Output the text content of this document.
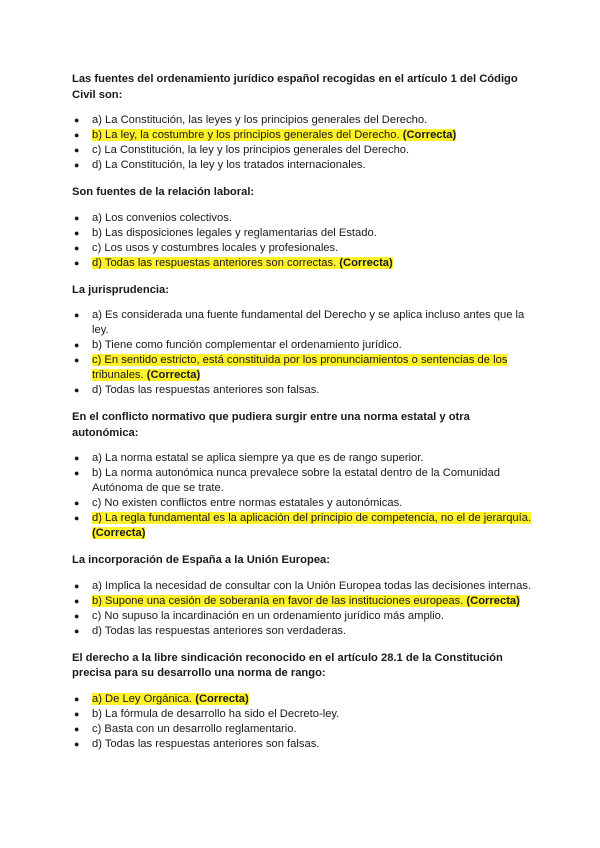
Las fuentes del ordenamiento jurídico español recogidas en el artículo 1 del Código Civil son:

● a) La Constitución, las leyes y los principios generales del Derecho.
● b) La ley, la costumbre y los principios generales del Derecho. (Correcta)
● c) La Constitución, la ley y los principios generales del Derecho.
● d) La Constitución, la ley y los tratados internacionales.

Son fuentes de la relación laboral:

● a) Los convenios colectivos.
● b) Las disposiciones legales y reglamentarias del Estado.
● c) Los usos y costumbres locales y profesionales.
● d) Todas las respuestas anteriores son correctas. (Correcta)

La jurisprudencia:

● a) Es considerada una fuente fundamental del Derecho y se aplica incluso antes que la ley.
● b) Tiene como función complementar el ordenamiento jurídico.
● c) En sentido estricto, está constituida por los pronunciamientos o sentencias de los tribunales. (Correcta)
● d) Todas las respuestas anteriores son falsas.

En el conflicto normativo que pudiera surgir entre una norma estatal y otra autonómica:

● a) La norma estatal se aplica siempre ya que es de rango superior.
● b) La norma autonómica nunca prevalece sobre la estatal dentro de la Comunidad Autónoma de que se trate.
● c) No existen conflictos entre normas estatales y autonómicas.
● d) La regla fundamental es la aplicación del principio de competencia, no el de jerarquía. (Correcta)

La incorporación de España a la Unión Europea:

● a) Implica la necesidad de consultar con la Unión Europea todas las decisiones internas.
● b) Supone una cesión de soberanía en favor de las instituciones europeas. (Correcta)
● c) No supuso la incardinación en un ordenamiento jurídico más amplio.
● d) Todas las respuestas anteriores son verdaderas.

El derecho a la libre sindicación reconocido en el artículo 28.1 de la Constitución precisa para su desarrollo una norma de rango:

● a) De Ley Orgánica. (Correcta)
● b) La fórmula de desarrollo ha sido el Decreto-ley.
● c) Basta con un desarrollo reglamentario.
● d) Todas las respuestas anteriores son falsas.
